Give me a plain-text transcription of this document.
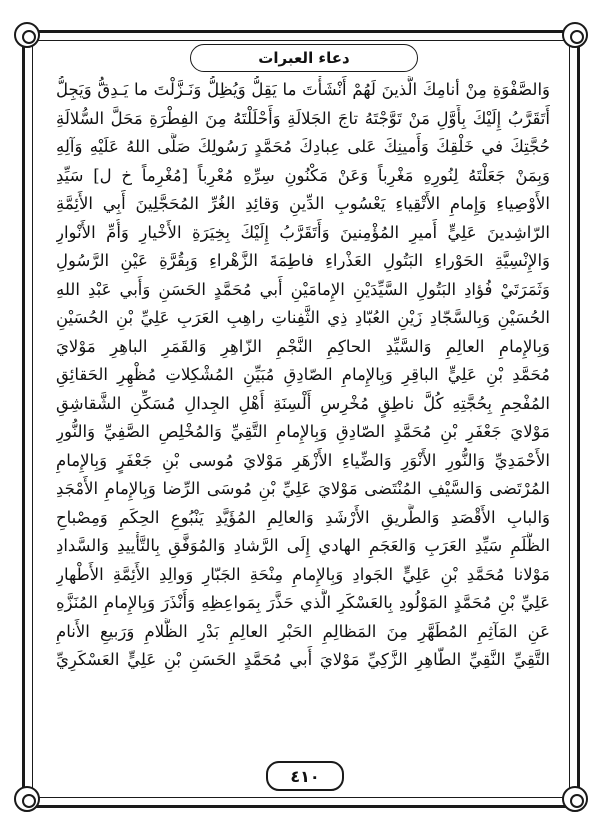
دعاء العبرات
وَالصَّفْوَةِ مِنْ أنامِكَ الَّذينَ لَهُمْ أَنْشَأْتَ ما يَقِلُّ وَيُظِلُّ وَنَـزَّلْتَ ما يَـدِقُّ وَيَجِلُّ
أَتَقَرَّبُ إِلَيْكَ بِأَوَّلِ مَنْ تَوَّجْتَهُ تاجَ الجَلالَةِ وَأَحْلَلْتَهُ مِنَ الفِطْرَةِ مَحَلَّ السُّلالَةِ
حُجَّتِكَ في خَلْقِكَ وَأَمينِكَ عَلى عِبادِكَ مُحَمَّدٍ رَسُولِكَ صَلَّى اللهُ عَلَيْهِ وَآلِهِ
وَبِمَنْ جَعَلْتَهُ لِنُورِهِ مَغْرِباً وَعَنْ مَكْنُونِ سِرِّهِ مُعْرِباً [مُغْرِماً خ ل] سَيِّدِ
الأَوْصِياءِ وَإِمامِ الأَتْقِياءِ يَعْسُوبِ الدِّينِ وَقائِدِ الغُرِّ المُحَجَّلِينَ أَبِي الأَئِمَّةِ
الرّاشِدينَ عَلِيٍّ أَميرِ المُؤْمِنينَ وَأَتَقَرَّبُ إِلَيْكَ بِخِيَرَةِ الأَخْيارِ وَأُمِّ الأَنْوارِ
وَالإِنْسِيَّةِ الحَوْراءِ البَتُولِ العَذْراءِ فاطِمَةَ الزَّهْراءِ وَبِقُرَّةِ عَيْنِ الرَّسُولِ
وَثَمَرَتَيْ فُؤادِ البَتُولِ السَّيِّدَيْنِ الإِمامَيْنِ أَبي مُحَمَّدٍ الحَسَنِ وَأَبي عَبْدِ اللهِ
الحُسَيْنِ وَبِالسَّجّادِ زَيْنِ العُبّادِ ذِي الثَّفِناتِ راهِبِ العَرَبِ عَلِيِّ بْنِ الحُسَيْنِ
وَبِالإِمامِ العالِمِ وَالسَّيِّدِ الحاكِمِ النَّجْمِ الزّاهِرِ وَالقَمَرِ الباهِرِ مَوْلايَ
مُحَمَّدِ بْنِ عَلِيٍّ الباقِرِ وَبِالإِمامِ الصّادِقِ مُبَيِّنِ المُشْكِلاتِ مُظْهِرِ الحَقائِقِ
المُفْحِمِ بِحُجَّتِهِ كُلَّ ناطِقٍ مُخْرِسِ أَلْسِنَةِ أَهْلِ الجِدالِ مُسَكِّنِ الشَّقاشِقِ
مَوْلايَ جَعْفَرِ بْنِ مُحَمَّدٍ الصّادِقِ وَبِالإِمامِ التَّقِيِّ وَالمُخْلِصِ الصَّفِيِّ وَالنُّورِ
الأَحْمَدِيِّ وَالنُّورِ الأَنْوَرِ وَالضِّياءِ الأَزْهَرِ مَوْلايَ مُوسى بْنِ جَعْفَرٍ وَبِالإِمامِ
المُرْتَضى وَالسَّيْفِ المُنْتَضى مَوْلايَ عَلِيِّ بْنِ مُوسَى الرِّضا وَبِالإِمامِ الأَمْجَدِ
وَالبابِ الأَقْصَدِ وَالطَّريقِ الأَرْشَدِ وَالعالِمِ المُؤَيَّدِ يَنْبُوعِ الحِكَمِ وَمِصْباحِ
الظُّلَمِ سَيِّدِ العَرَبِ وَالعَجَمِ الهادي إِلَى الرَّشادِ وَالمُوَفَّقِ بِالتَّأْييدِ وَالسَّدادِ
مَوْلانا مُحَمَّدِ بْنِ عَلِيٍّ الجَوادِ وَبِالإِمامِ مِنْحَةِ الجَبّارِ وَوالِدِ الأَئِمَّةِ الأَطْهارِ
عَلِيِّ بْنِ مُحَمَّدٍ المَوْلُودِ بِالعَسْكَرِ الَّذي حَذَّرَ بِمَواعِظِهِ وَأَنْذَرَ وَبِالإِمامِ المُنَزَّهِ
عَنِ المَآثِمِ المُطَهَّرِ مِنَ المَظالِمِ الحَبْرِ العالِمِ بَدْرِ الظَّلامِ وَرَبيعِ الأَنامِ
التَّقِيِّ النَّقِيِّ الطّاهِرِ الزَّكِيِّ مَوْلايَ أَبي مُحَمَّدٍ الحَسَنِ بْنِ عَلِيٍّ العَسْكَرِيِّ
٤١٠
